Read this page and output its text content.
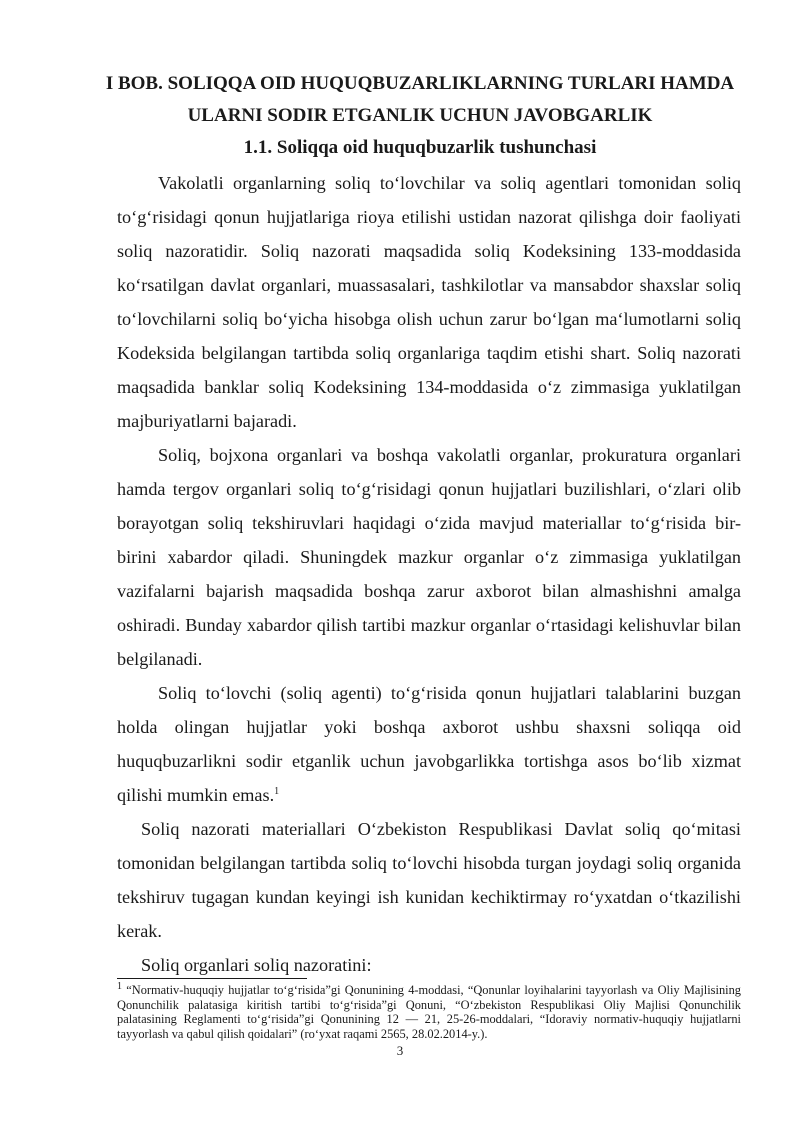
I BOB. SOLIQQA OID HUQUQBUZARLIKLARNING TURLARI HAMDA ULARNI SODIR ETGANLIK UCHUN JAVOBGARLIK
1.1. Soliqqa oid huquqbuzarlik tushunchasi

Vakolatli organlarning soliq to‘lovchilar va soliq agentlari tomonidan soliq to‘g‘risidagi qonun hujjatlariga rioya etilishi ustidan nazorat qilishga doir faoliyati soliq nazoratidir. Soliq nazorati maqsadida soliq Kodeksining 133-moddasida ko‘rsatilgan davlat organlari, muassasalari, tashkilotlar va mansabdor shaxslar soliq to‘lovchilarni soliq bo‘yicha hisobga olish uchun zarur bo‘lgan ma‘lumotlarni soliq Kodeksida belgilangan tartibda soliq organlariga taqdim etishi shart. Soliq nazorati maqsadida banklar soliq Kodeksining 134-moddasida o‘z zimmasiga yuklatilgan majburiyatlarni bajaradi.

Soliq, bojxona organlari va boshqa vakolatli organlar, prokuratura organlari hamda tergov organlari soliq to‘g‘risidagi qonun hujjatlari buzilishlari, o‘zlari olib borayotgan soliq tekshiruvlari haqidagi o‘zida mavjud materiallar to‘g‘risida bir-birini xabardor qiladi. Shuningdek mazkur organlar o‘z zimmasiga yuklatilgan vazifalarni bajarish maqsadida boshqa zarur axborot bilan almashishni amalga oshiradi. Bunday xabardor qilish tartibi mazkur organlar o‘rtasidagi kelishuvlar bilan belgilanadi.

Soliq to‘lovchi (soliq agenti) to‘g‘risida qonun hujjatlari talablarini buzgan holda olingan hujjatlar yoki boshqa axborot ushbu shaxsni soliqqa oid huquqbuzarlikni sodir etganlik uchun javobgarlikka tortishga asos bo‘lib xizmat qilishi mumkin emas.$^1$

Soliq nazorati materiallari O‘zbekiston Respublikasi Davlat soliq qo‘mitasi tomonidan belgilangan tartibda soliq to‘lovchi hisobda turgan joydagi soliq organida tekshiruv tugagan kundan keyingi ish kunidan kechiktirmay ro‘yxatdan o‘tkazilishi kerak.

Soliq organlari soliq nazoratini:

$^1$ “Normativ-huquqiy hujjatlar to‘g‘risida”gi Qonunining 4-moddasi, “Qonunlar loyihalarini tayyorlash va Oliy Majlisining Qonunchilik palatasiga kiritish tartibi to‘g‘risida”gi Qonuni, “O‘zbekiston Respublikasi Oliy Majlisi Qonunchilik palatasining Reglamenti to‘g‘risida”gi Qonunining 12 — 21, 25-26-moddalari, “Idoraviy normativ-huquqiy hujjatlarni tayyorlash va qabul qilish qoidalari” (ro‘yxat raqami 2565, 28.02.2014-y.).

3
